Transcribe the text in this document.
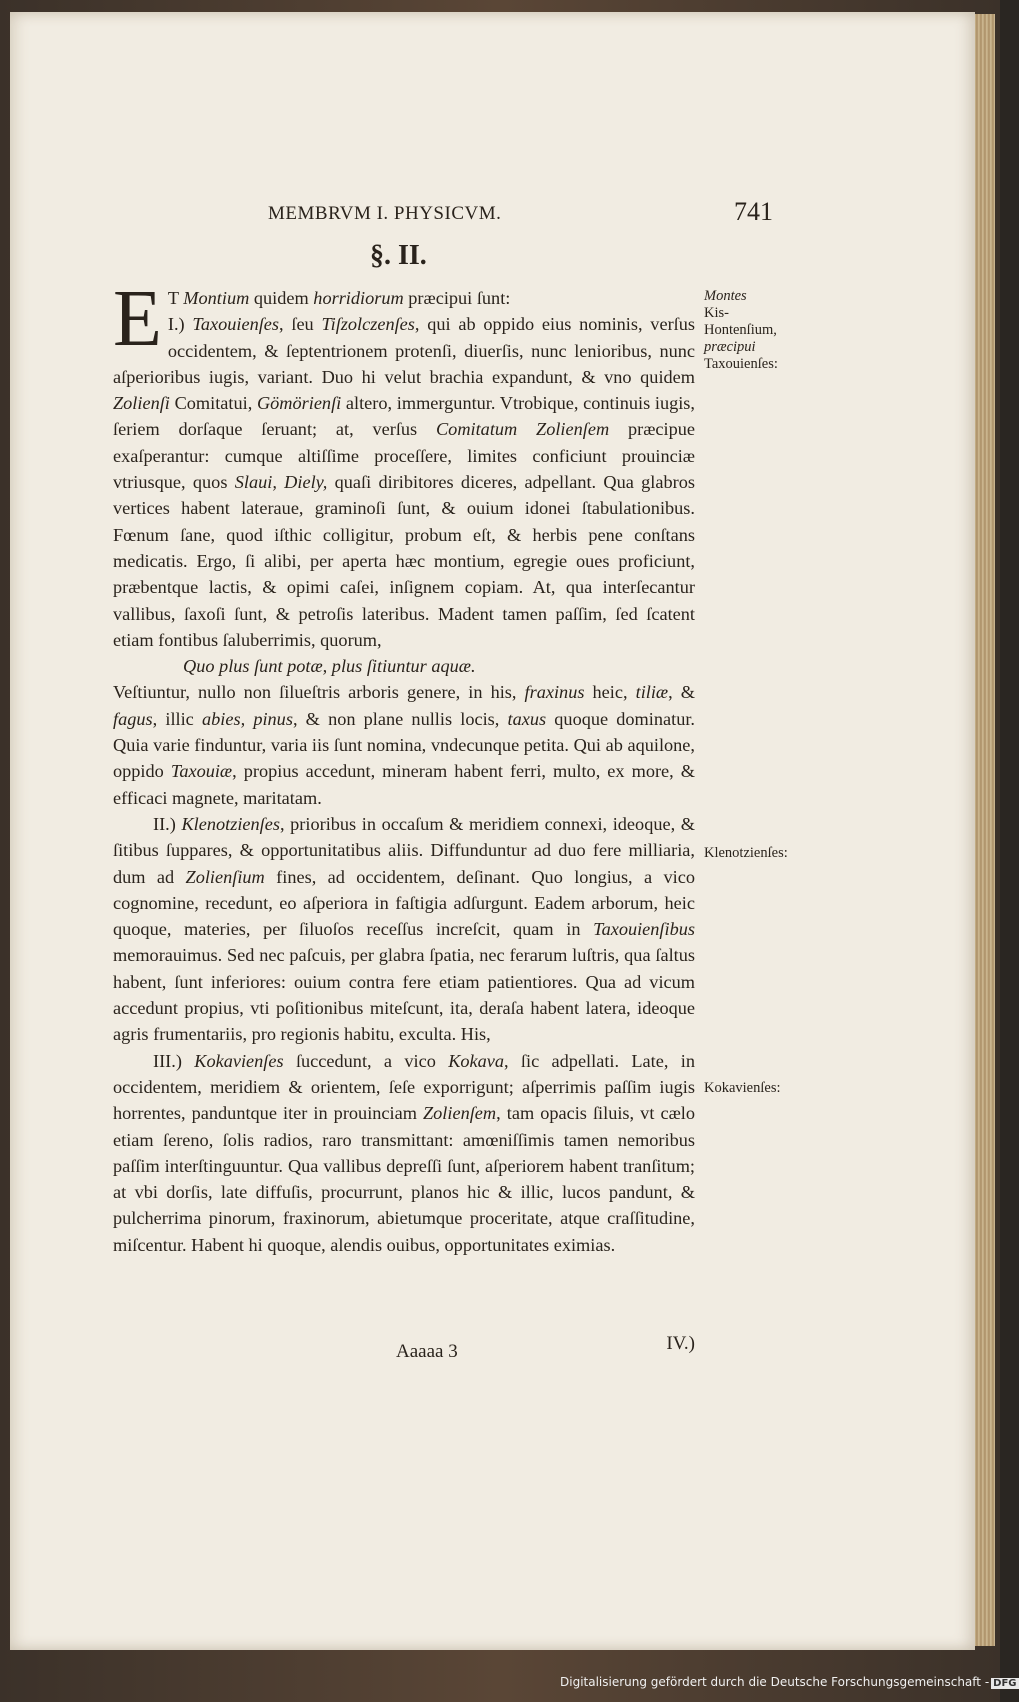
MEMBRVM I. PHYSICVM.	741
§. II.

E T Montium quidem horridiorum præcipui ſunt:
I.) Taxouienſes, ſeu Tiſzolczenſes, qui ab oppido eius nominis, verſus occidentem, & ſeptentrionem protenſi, diuerſis, nunc lenioribus, nunc aſperioribus iugis, variant. Duo hi velut brachia expandunt, & vno quidem Zolienſi Comitatui, Gömörienſi altero, immerguntur. Vtrobique, continuis iugis, ſeriem dorſaque ſeruant; at, verſus Comitatum Zolienſem præcipue exaſperantur: cumque altiſſime proceſſere, limites conficiunt prouinciæ vtriusque, quos Slaui, Diely, quaſi diribitores diceres, adpellant. Qua glabros vertices habent lateraue, graminoſi ſunt, & ouium idonei ſtabulationibus. Fœnum ſane, quod iſthic colligitur, probum eſt, & herbis pene conſtans medicatis. Ergo, ſi alibi, per aperta hæc montium, egregie oues proficiunt, præbentque lactis, & opimi caſei, inſignem copiam. At, qua interſecantur vallibus, ſaxoſi ſunt, & petroſis lateribus. Madent tamen paſſim, ſed ſcatent etiam fontibus ſaluberrimis, quorum,

Quo plus ſunt potæ, plus ſitiuntur aquæ.

Veſtiuntur, nullo non ſilueſtris arboris genere, in his, fraxinus heic, tiliæ, & fagus, illic abies, pinus, & non plane nullis locis, taxus quoque dominatur. Quia varie finduntur, varia iis ſunt nomina, vndecunque petita. Qui ab aquilone, oppido Taxouiæ, propius accedunt, mineram habent ferri, multo, ex more, & efficaci magnete, maritatam.

II.) Klenotzienſes, prioribus in occaſum & meridiem connexi, ideoque, & ſitibus ſuppares, & opportunitatibus aliis. Diffunduntur ad duo fere milliaria, dum ad Zolienſium fines, ad occidentem, deſinant. Quo longius, a vico cognomine, recedunt, eo aſperiora in faſtigia adſurgunt. Eadem arborum, heic quoque, materies, per ſiluoſos receſſus increſcit, quam in Taxouienſibus memorauimus. Sed nec paſcuis, per glabra ſpatia, nec ferarum luſtris, qua ſaltus habent, ſunt inferiores: ouium contra fere etiam patientiores. Qua ad vicum accedunt propius, vti poſitionibus miteſcunt, ita, deraſa habent latera, ideoque agris frumentariis, pro regionis habitu, exculta. His,

III.) Kokavienſes ſuccedunt, a vico Kokava, ſic adpellati. Late, in occidentem, meridiem & orientem, ſeſe exporrigunt; aſperrimis paſſim iugis horrentes, panduntque iter in prouinciam Zolienſem, tam opacis ſiluis, vt cælo etiam ſereno, ſolis radios, raro transmittant: amœniſſimis tamen nemoribus paſſim interſtinguuntur. Qua vallibus depreſſi ſunt, aſperiorem habent tranſitum; at vbi dorſis, late diffuſis, procurrunt, planos hic & illic, lucos pandunt, & pulcherrima pinorum, fraxinorum, abietumque proceritate, atque craſſitudine, miſcentur. Habent hi quoque, alendis ouibus, opportunitates eximias.

Aaaaa 3	IV.)
Montes
Kis-Hontenſium,
præcipui
Taxouienſes:
Klenotzienſes:
Kokavienſes:
Digitalisierung gefördert durch die Deutsche Forschungsgemeinschaft - DFG
